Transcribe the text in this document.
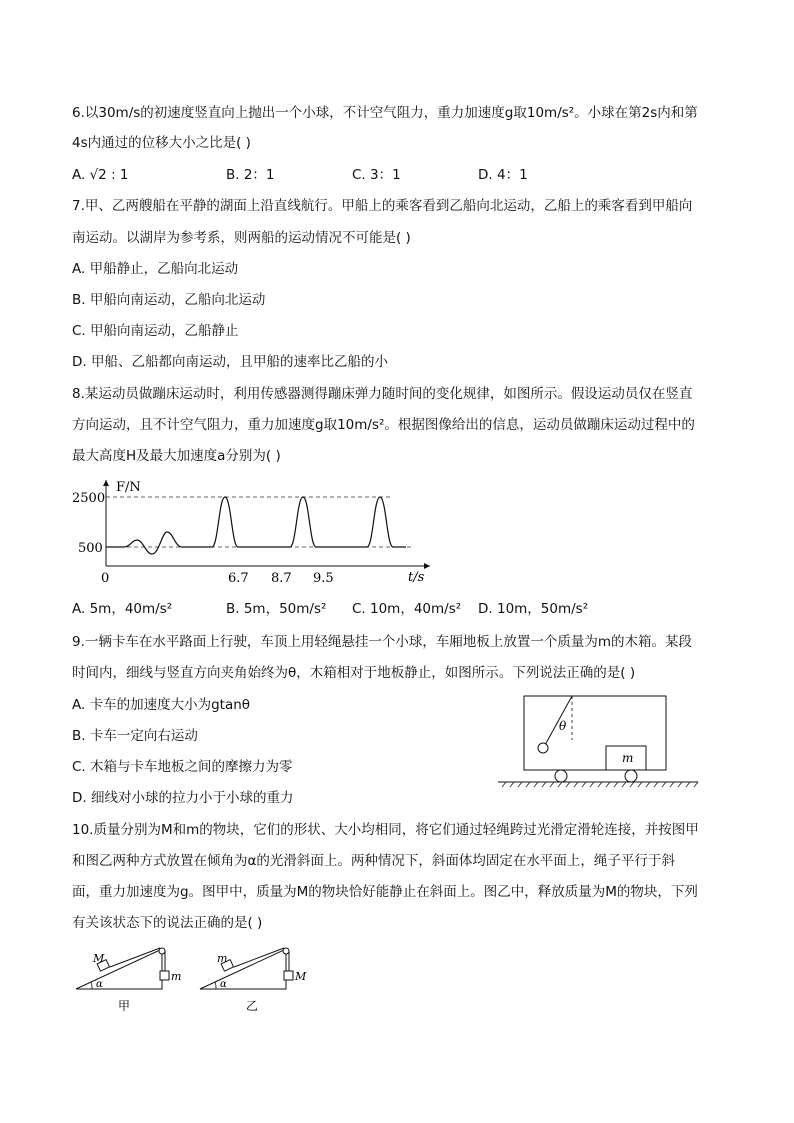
6.以30m/s的初速度竖直向上抛出一个小球，不计空气阻力，重力加速度g取10m/s²。小球在第2s内和第
4s内通过的位移大小之比是( )
A. √2 : 1	B. 2：1	C. 3：1	D. 4：1
7.甲、乙两艘船在平静的湖面上沿直线航行。甲船上的乘客看到乙船向北运动，乙船上的乘客看到甲船向
南运动。以湖岸为参考系，则两船的运动情况不可能是( )
A. 甲船静止，乙船向北运动
B. 甲船向南运动，乙船向北运动
C. 甲船向南运动，乙船静止
D. 甲船、乙船都向南运动，且甲船的速率比乙船的小
8.某运动员做蹦床运动时，利用传感器测得蹦床弹力随时间的变化规律，如图所示。假设运动员仅在竖直
方向运动，且不计空气阻力，重力加速度g取10m/s²。根据图像给出的信息，运动员做蹦床运动过程中的
最大高度H及最大加速度a分别为( )
F/N
2500
500
0	6.7 8.7 9.5	t/s
A. 5m，40m/s²	B. 5m，50m/s² C. 10m，40m/s² D. 10m，50m/s²
9.一辆卡车在水平路面上行驶，车顶上用轻绳悬挂一个小球，车厢地板上放置一个质量为m的木箱。某段
时间内，细线与竖直方向夹角始终为θ，木箱相对于地板静止，如图所示。下列说法正确的是( )
A. 卡车的加速度大小为gtanθ
B. 卡车一定向右运动
C. 木箱与卡车地板之间的摩擦力为零
D. 细线对小球的拉力小于小球的重力
θ
m
10.质量分别为M和m的物块，它们的形状、大小均相同，将它们通过轻绳跨过光滑定滑轮连接，并按图甲
和图乙两种方式放置在倾角为α的光滑斜面上。两种情况下，斜面体均固定在水平面上，绳子平行于斜
面，重力加速度为g。图甲中，质量为M的物块恰好能静止在斜面上。图乙中，释放质量为M的物块，下列
有关该状态下的说法正确的是( )
M
m
α
甲
m
M
α
乙
